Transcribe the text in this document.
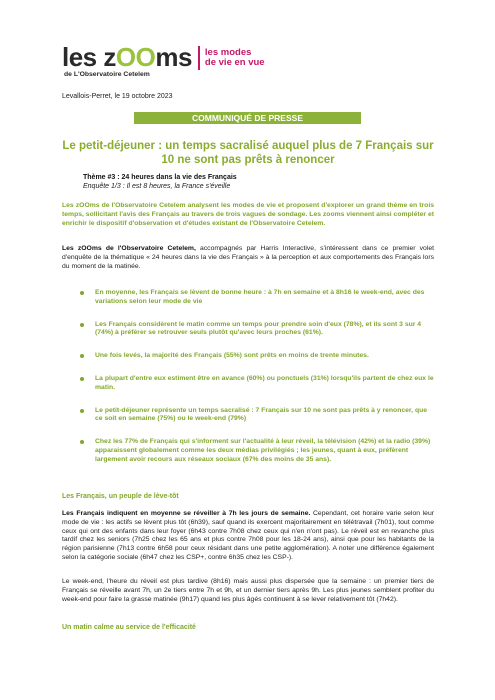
les zOOms les modes
de vie en vue
de L'Observatoire Cetelem
Levallois-Perret, le 19 octobre 2023
COMMUNIQUÉ DE PRESSE
Le petit-déjeuner : un temps sacralisé auquel plus de 7 Français sur 10 ne sont pas prêts à renoncer
Thème #3 : 24 heures dans la vie des Français
Enquête 1/3 : Il est 8 heures, la France s'éveille
Les zOOms de l'Observatoire Cetelem analysent les modes de vie et proposent d'explorer un grand thème en trois temps, sollicitant l'avis des Français au travers de trois vagues de sondage. Les zooms viennent ainsi compléter et enrichir le dispositif d'observation et d'études existant de l'Observatoire Cetelem.
Les zOOms de l'Observatoire Cetelem, accompagnés par Harris Interactive, s'intéressent dans ce premier volet d'enquête de la thématique « 24 heures dans la vie des Français » à la perception et aux comportements des Français lors du moment de la matinée.
En moyenne, les Français se lèvent de bonne heure : à 7h en semaine et à 8h16 le week-end, avec des variations selon leur mode de vie
Les Français considèrent le matin comme un temps pour prendre soin d'eux (78%), et ils sont 3 sur 4 (74%) à préférer se retrouver seuls plutôt qu'avec leurs proches (61%).
Une fois levés, la majorité des Français (55%) sont prêts en moins de trente minutes.
La plupart d'entre eux estiment être en avance (60%) ou ponctuels (31%) lorsqu'ils partent de chez eux le matin.
Le petit-déjeuner représente un temps sacralisé : 7 Français sur 10 ne sont pas prêts à y renoncer, que ce soit en semaine (75%) ou le week-end (79%)
Chez les 77% de Français qui s'informent sur l'actualité à leur réveil, la télévision (42%) et la radio (39%) apparaissent globalement comme les deux médias privilégiés ; les jeunes, quant à eux, préfèrent largement avoir recours aux réseaux sociaux (67% des moins de 35 ans).
Les Français, un peuple de lève-tôt
Les Français indiquent en moyenne se réveiller à 7h les jours de semaine. Cependant, cet horaire varie selon leur mode de vie : les actifs se lèvent plus tôt (6h39), sauf quand ils exercent majoritairement en télétravail (7h01), tout comme ceux qui ont des enfants dans leur foyer (6h43 contre 7h08 chez ceux qui n'en n'ont pas). Le réveil est en revanche plus tardif chez les seniors (7h25 chez les 65 ans et plus contre 7h08 pour les 18-24 ans), ainsi que pour les habitants de la région parisienne (7h13 contre 6h58 pour ceux résidant dans une petite agglomération). A noter une différence également selon la catégorie sociale (6h47 chez les CSP+, contre 6h35 chez les CSP-).
Le week-end, l'heure du réveil est plus tardive (8h16) mais aussi plus dispersée que la semaine : un premier tiers de Français se réveille avant 7h, un 2e tiers entre 7h et 9h, et un dernier tiers après 9h. Les plus jeunes semblent profiter du week-end pour faire la grasse matinée (9h17) quand les plus âgés continuent à se lever relativement tôt (7h42).
Un matin calme au service de l'efficacité
